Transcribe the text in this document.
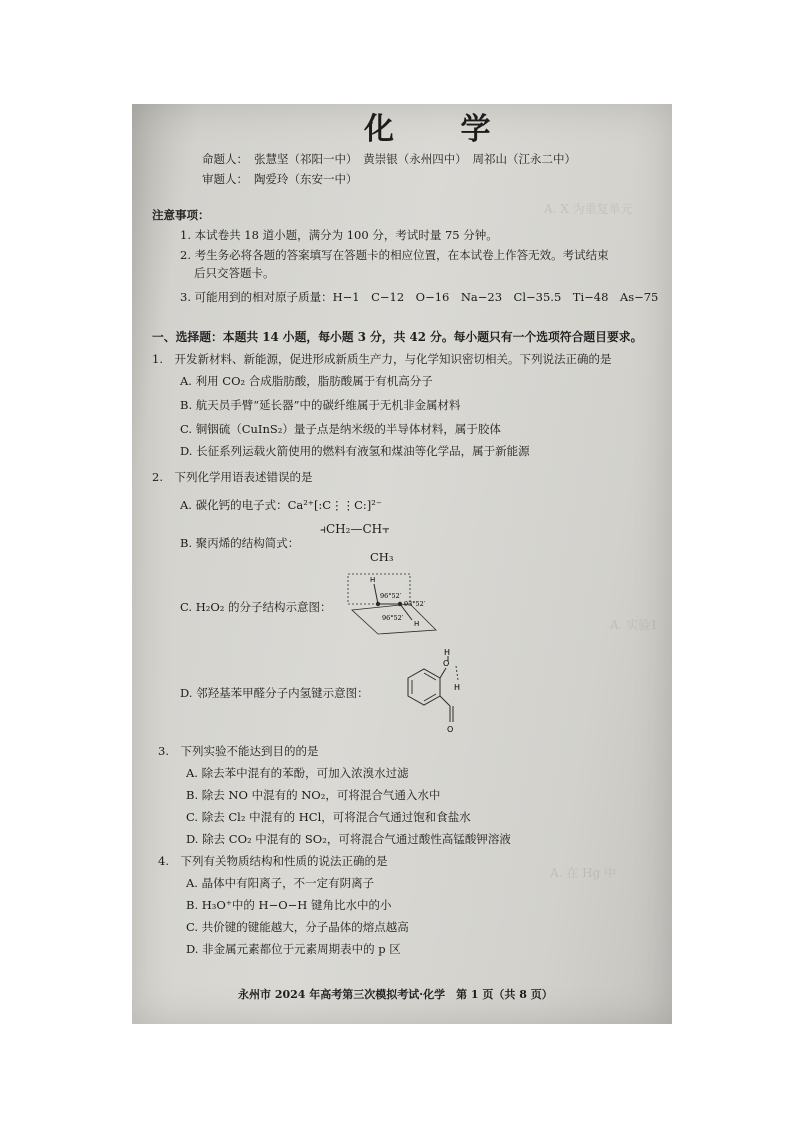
A. X 为重复单元
A. 实验1
A. 在 Hg 中
化 学
命题人： 张慧坚（祁阳一中）　黄崇银（永州四中）　周祁山（江永二中）
审题人： 陶爱玲（东安一中）
注意事项：
1. 本试卷共 18 道小题，满分为 100 分，考试时量 75 分钟。
2. 考生务必将各题的答案填写在答题卡的相应位置，在本试卷上作答无效。考试结束
后只交答题卡。
3. 可能用到的相对原子质量：H−1　C−12　O−16　Na−23　Cl−35.5　Ti−48　As−75
一、选择题：本题共 14 小题，每小题 3 分，共 42 分。每小题只有一个选项符合题目要求。
1.　开发新材料、新能源，促进形成新质生产力，与化学知识密切相关。下列说法正确的是
A. 利用 CO₂ 合成脂肪酸，脂肪酸属于有机高分子
B. 航天员手臂“延长器”中的碳纤维属于无机非金属材料
C. 铜铟硫（CuInS₂）量子点是纳米级的半导体材料，属于胶体
D. 长征系列运载火箭使用的燃料有液氢和煤油等化学品，属于新能源
2.　下列化学用语表述错误的是
A. 碳化钙的电子式：Ca²⁺[:C⋮⋮C:]²⁻
B. 聚丙烯的结构简式：
⫞CH₂—CH⫟
CH₃
C. H₂O₂ 的分子结构示意图：
H
H
96°52′
93°52′
96°52′
D. 邻羟基苯甲醛分子内氢键示意图：
O
H
H
O
3.　下列实验不能达到目的的是
A. 除去苯中混有的苯酚，可加入浓溴水过滤
B. 除去 NO 中混有的 NO₂，可将混合气通入水中
C. 除去 Cl₂ 中混有的 HCl，可将混合气通过饱和食盐水
D. 除去 CO₂ 中混有的 SO₂，可将混合气通过酸性高锰酸钾溶液
4.　下列有关物质结构和性质的说法正确的是
A. 晶体中有阳离子，不一定有阴离子
B. H₃O⁺中的 H−O−H 键角比水中的小
C. 共价键的键能越大，分子晶体的熔点越高
D. 非金属元素都位于元素周期表中的 p 区
永州市 2024 年高考第三次模拟考试·化学　第 1 页（共 8 页）
